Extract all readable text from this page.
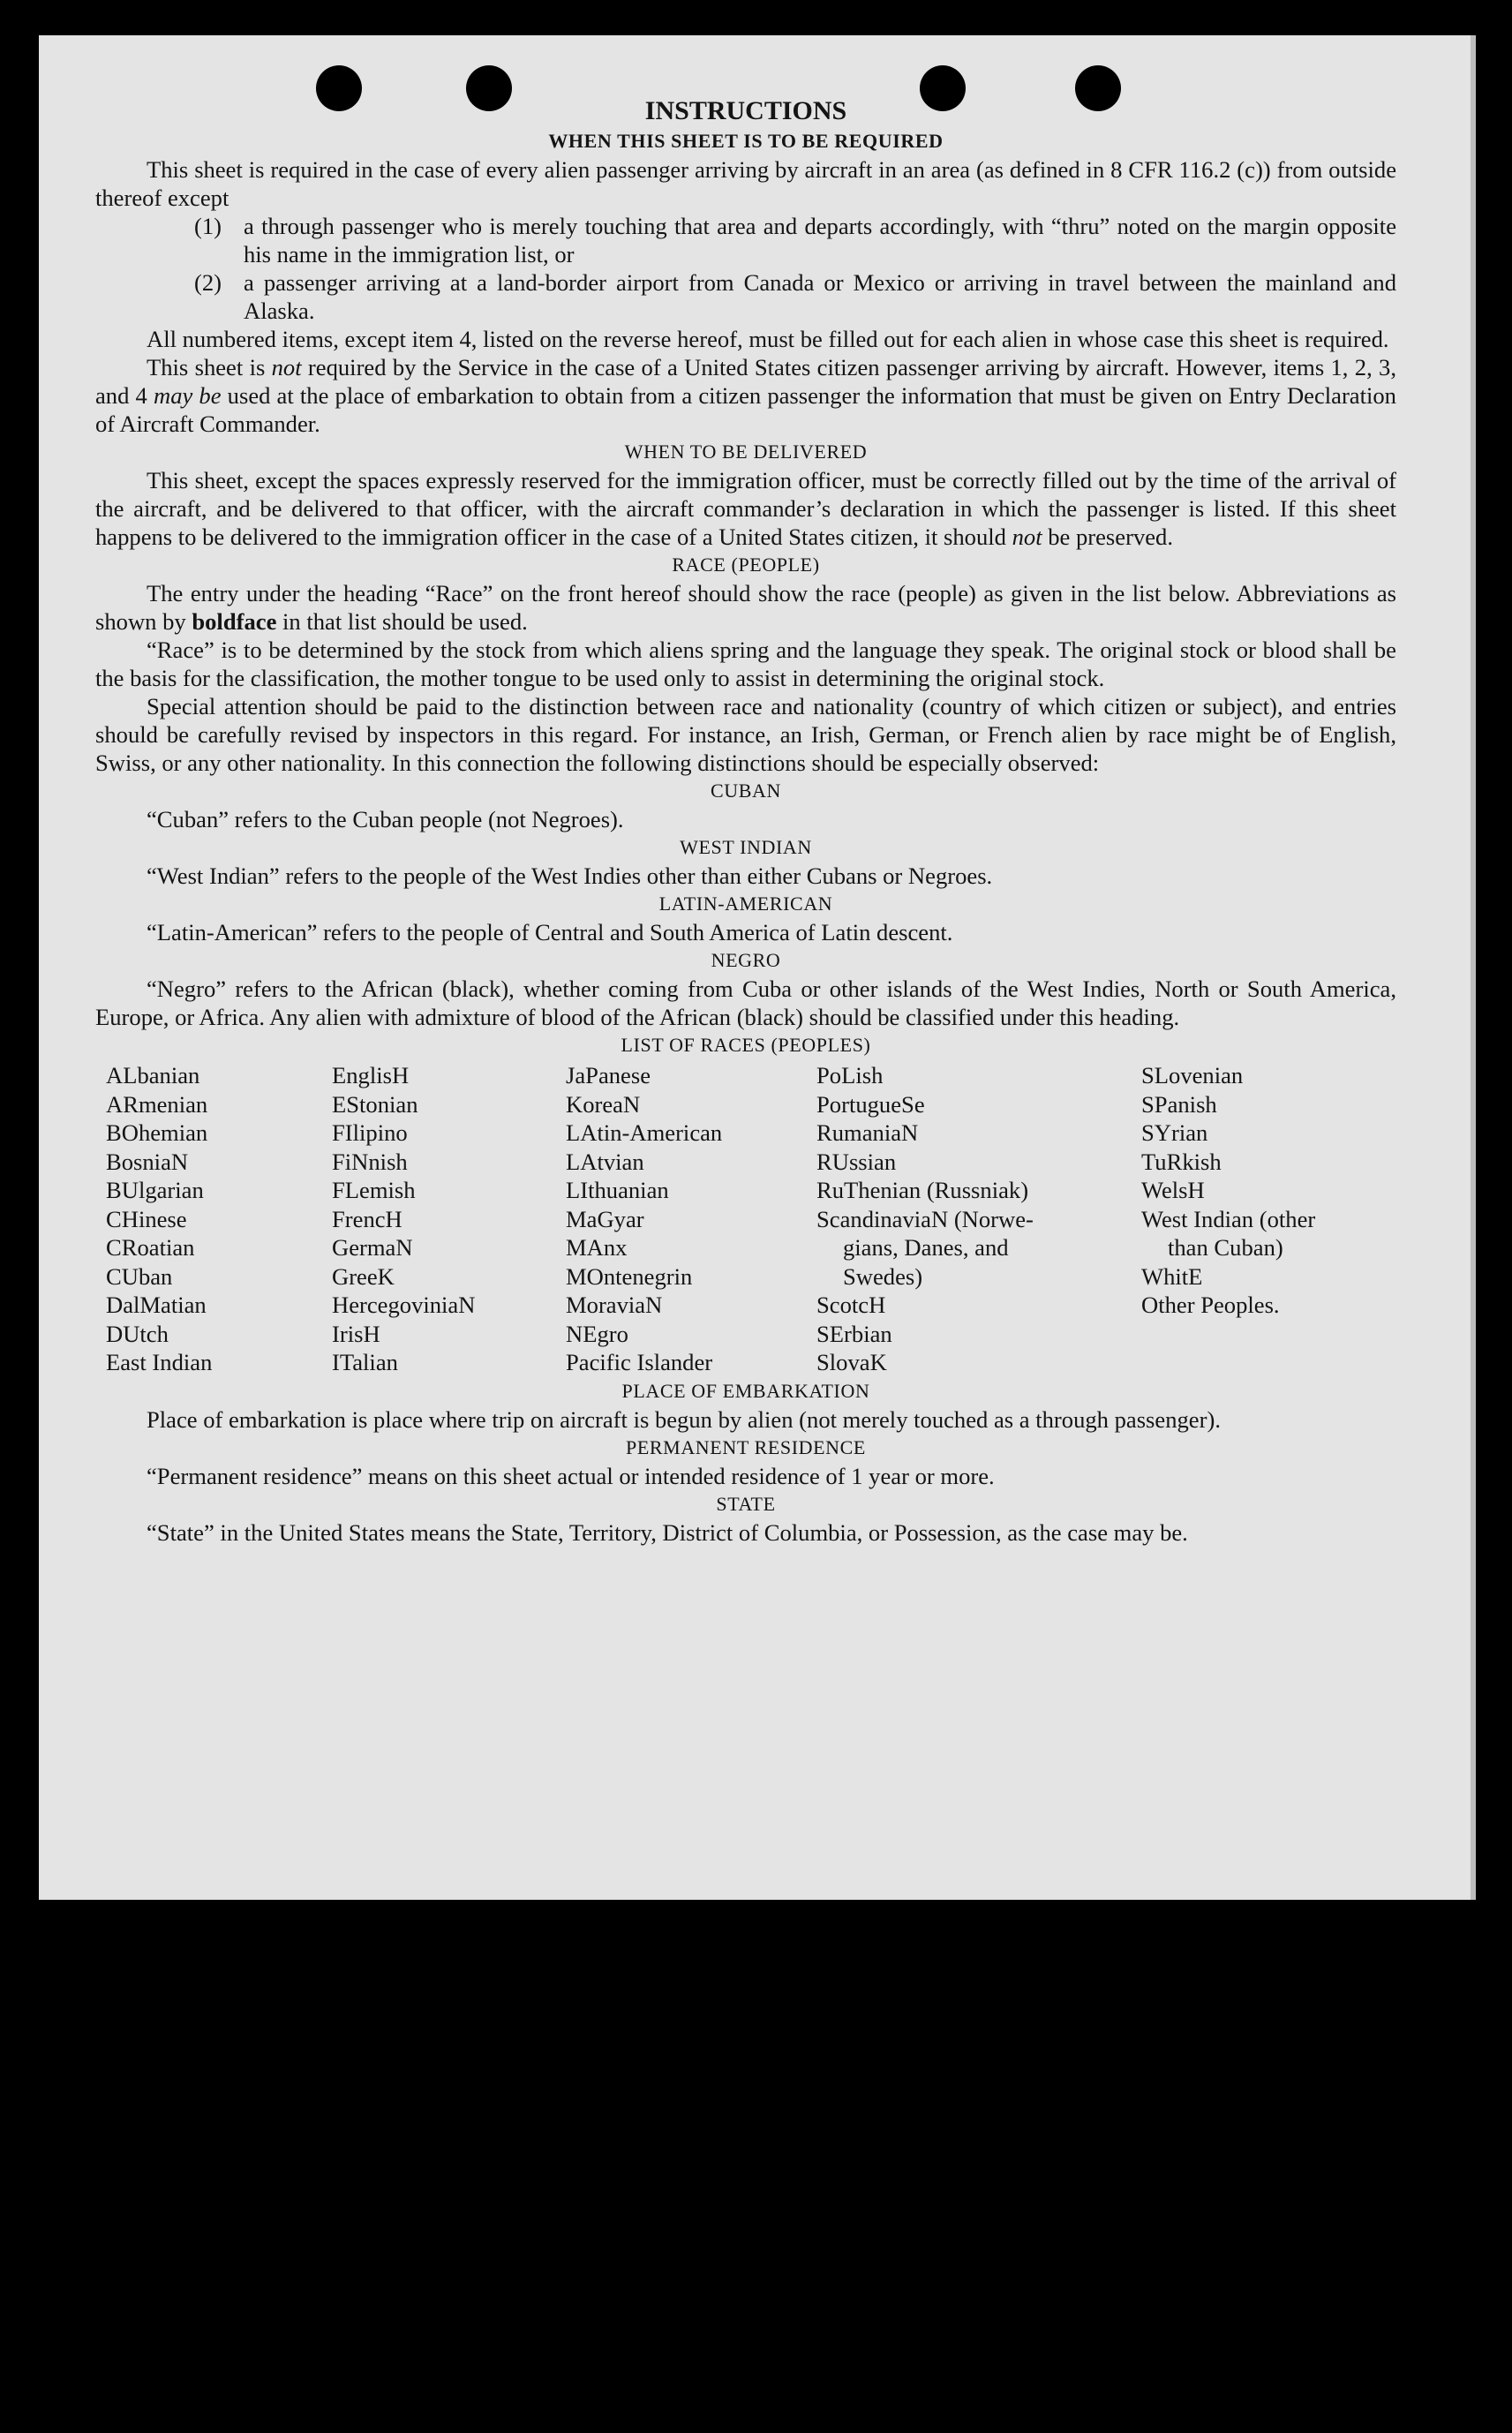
INSTRUCTIONS
WHEN THIS SHEET IS TO BE REQUIRED

This sheet is required in the case of every alien passenger arriving by aircraft in an area (as defined in 8 CFR 116.2 (c)) from outside thereof except

(1) a through passenger who is merely touching that area and departs accordingly, with “thru” noted on the margin opposite his name in the immigration list, or
(2) a passenger arriving at a land-border airport from Canada or Mexico or arriving in travel between the mainland and Alaska.

All numbered items, except item 4, listed on the reverse hereof, must be filled out for each alien in whose case this sheet is required.

This sheet is not required by the Service in the case of a United States citizen passenger arriving by aircraft. However, items 1, 2, 3, and 4 may be used at the place of embarkation to obtain from a citizen passenger the information that must be given on Entry Declaration of Aircraft Commander.

WHEN TO BE DELIVERED

This sheet, except the spaces expressly reserved for the immigration officer, must be correctly filled out by the time of the arrival of the aircraft, and be delivered to that officer, with the aircraft commander’s declaration in which the passenger is listed. If this sheet happens to be delivered to the immigration officer in the case of a United States citizen, it should not be preserved.

RACE (PEOPLE)

The entry under the heading “Race” on the front hereof should show the race (people) as given in the list below. Abbreviations as shown by boldface in that list should be used.

“Race” is to be determined by the stock from which aliens spring and the language they speak. The original stock or blood shall be the basis for the classification, the mother tongue to be used only to assist in determining the original stock.

Special attention should be paid to the distinction between race and nationality (country of which citizen or subject), and entries should be carefully revised by inspectors in this regard. For instance, an Irish, German, or French alien by race might be of English, Swiss, or any other nationality. In this connection the following distinctions should be especially observed:

CUBAN

“Cuban” refers to the Cuban people (not Negroes).

WEST INDIAN

“West Indian” refers to the people of the West Indies other than either Cubans or Negroes.

LATIN-AMERICAN

“Latin-American” refers to the people of Central and South America of Latin descent.

NEGRO

“Negro” refers to the African (black), whether coming from Cuba or other islands of the West Indies, North or South America, Europe, or Africa. Any alien with admixture of blood of the African (black) should be classified under this heading.

LIST OF RACES (PEOPLES)
ALbanian
ARmenian
BOhemian
BosniaN
BUlgarian
CHinese
CRoatian
CUban
DalMatian
DUtch
East Indian
EnglisH
EStonian
FIlipino
FiNnish
FLemish
FrencH
GermaN
GreeK
HercegoviniaN
IrisH
ITalian
JaPanese
KoreaN
LAtin-American
LAtvian
LIthuanian
MaGyar
MAnx
MOntenegrin
MoraviaN
NEgro
Pacific Islander
PoLish
PortugueSe
RumaniaN
RUssian
RuThenian (Russniak)
ScandinaviaN (Norwe-
gians, Danes, and
Swedes)
ScotcH
SErbian
SlovaK
SLovenian
SPanish
SYrian
TuRkish
WelsH
West Indian (other
than Cuban)
WhitE
Other Peoples.
PLACE OF EMBARKATION

Place of embarkation is place where trip on aircraft is begun by alien (not merely touched as a through passenger).

PERMANENT RESIDENCE

“Permanent residence” means on this sheet actual or intended residence of 1 year or more.

STATE

“State” in the United States means the State, Territory, District of Columbia, or Possession, as the case may be.
